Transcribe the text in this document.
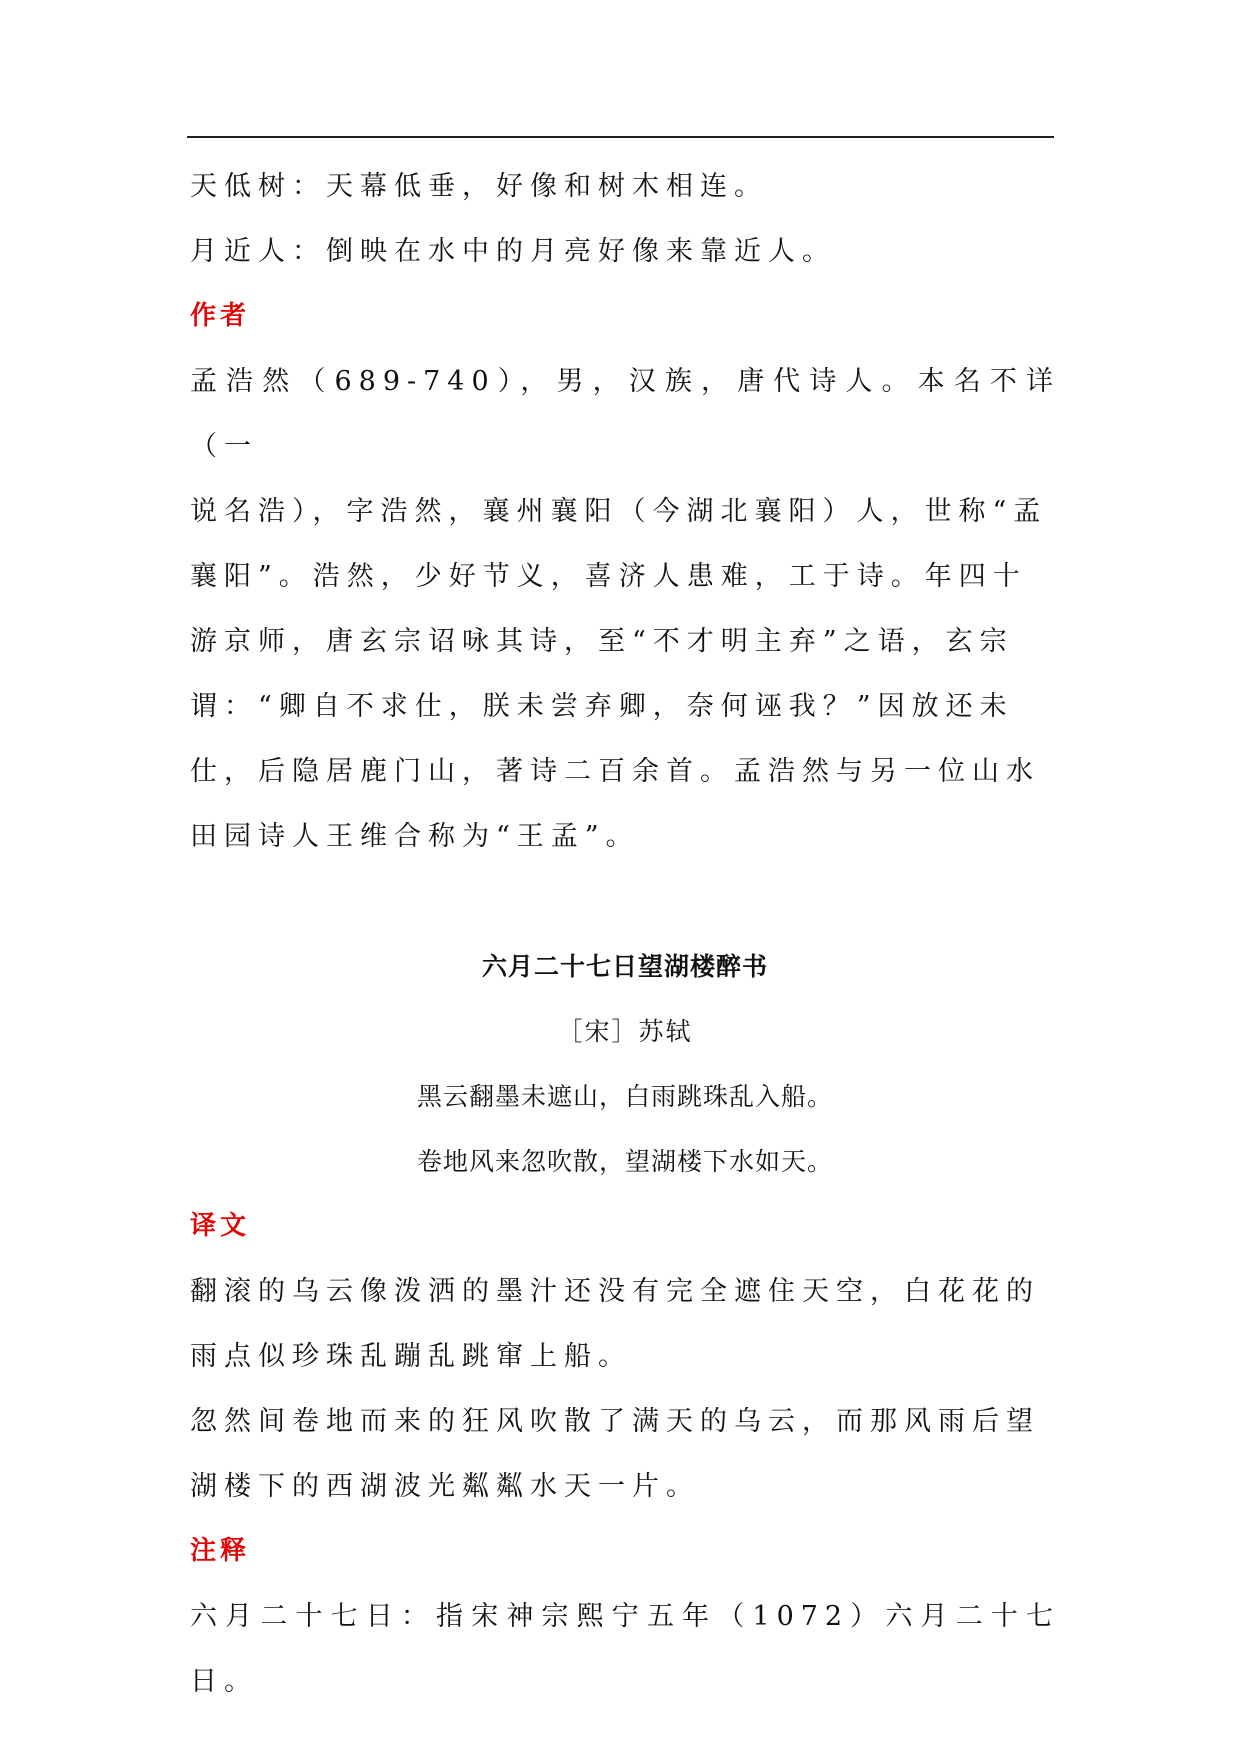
天低树：天幕低垂，好像和树木相连。

月近人：倒映在水中的月亮好像来靠近人。

作者

孟浩然（689-740），男，汉族，唐代诗人。本名不详（一

说名浩），字浩然，襄州襄阳（今湖北襄阳）人，世称“孟

襄阳”。浩然，少好节义，喜济人患难，工于诗。年四十

游京师，唐玄宗诏咏其诗，至“不才明主弃”之语，玄宗

谓：“卿自不求仕，朕未尝弃卿，奈何诬我？”因放还未

仕，后隐居鹿门山，著诗二百余首。孟浩然与另一位山水

田园诗人王维合称为“王孟”。

六月二十七日望湖楼醉书

［宋］苏轼

黑云翻墨未遮山，白雨跳珠乱入船。

卷地风来忽吹散，望湖楼下水如天。

译文

翻滚的乌云像泼洒的墨汁还没有完全遮住天空，白花花的

雨点似珍珠乱蹦乱跳窜上船。

忽然间卷地而来的狂风吹散了满天的乌云，而那风雨后望

湖楼下的西湖波光粼粼水天一片。

注释

六月二十七日：指宋神宗熙宁五年（1072）六月二十七日。
